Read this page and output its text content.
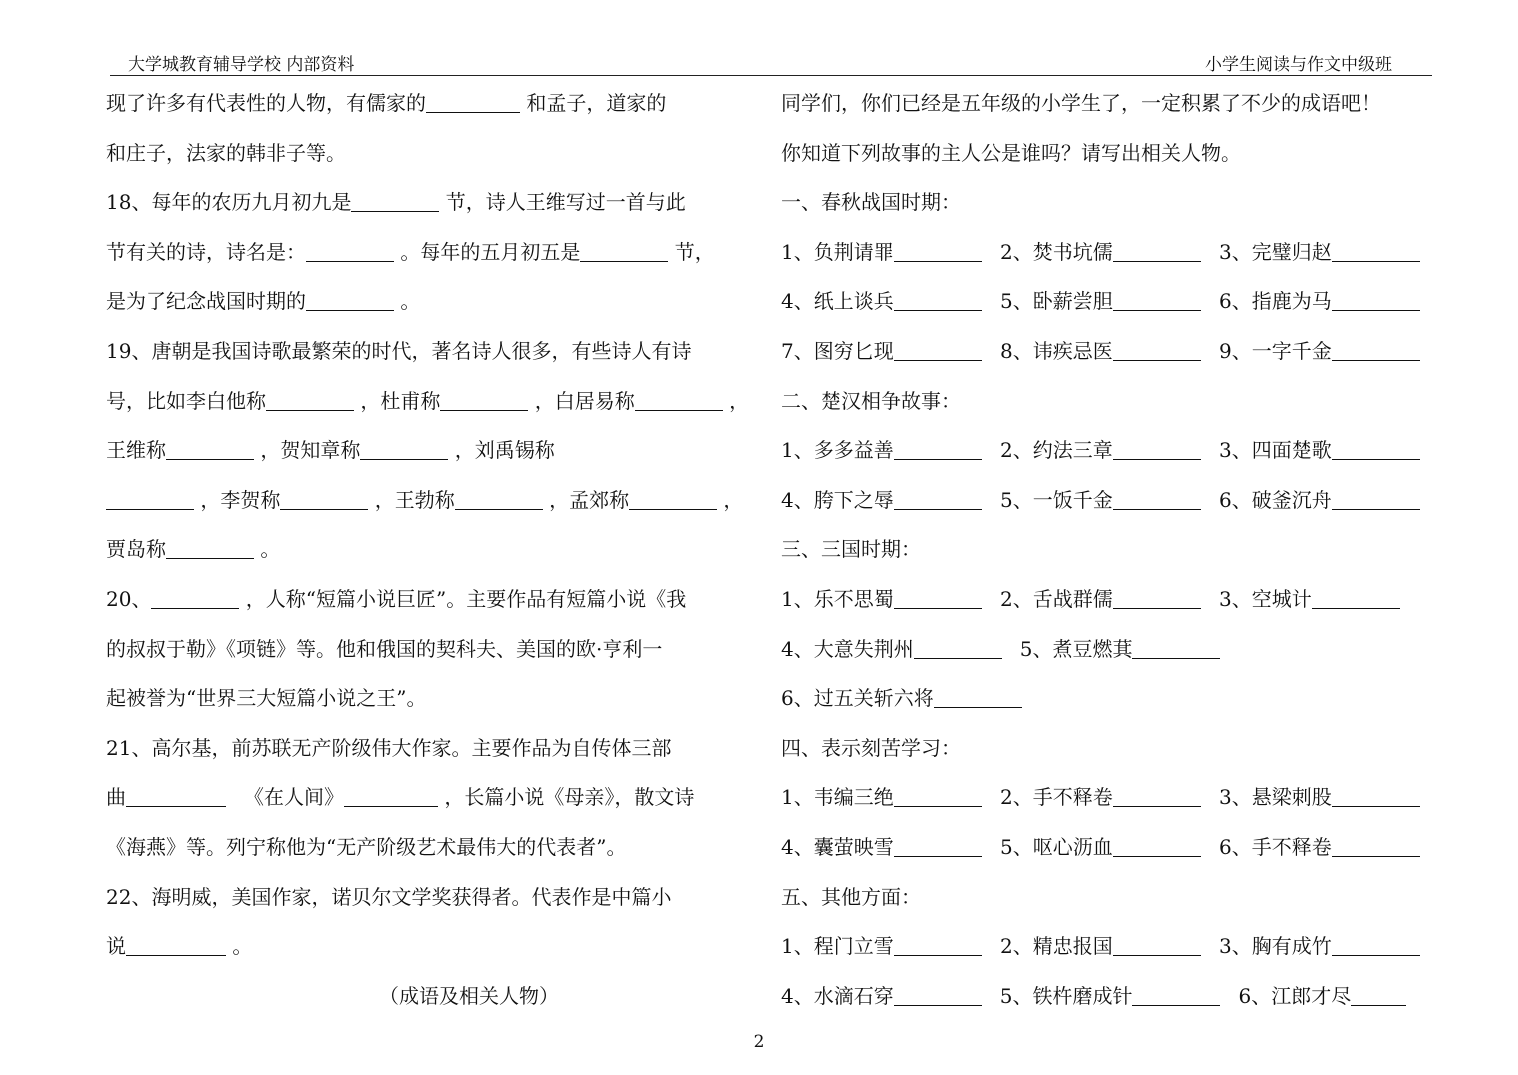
大学城教育辅导学校 内部资料	小学生阅读与作文中级班
现了许多有代表性的人物，有儒家的	和孟子，道家的
和庄子，法家的韩非子等。
18、每年的农历九月初九是	节，诗人王维写过一首与此
节有关的诗，诗名是：	。每年的五月初五是	节，
是为了纪念战国时期的	。
19、唐朝是我国诗歌最繁荣的时代，著名诗人很多，有些诗人有诗
号，比如李白他称	，杜甫称	，白居易称	，
王维称	，贺知章称	，刘禹锡称
，李贺称	，王勃称	，孟郊称	，
贾岛称	。
20、	，人称“短篇小说巨匠”。主要作品有短篇小说《我
的叔叔于勒》《项链》等。他和俄国的契科夫、美国的欧·亨利一
起被誉为“世界三大短篇小说之王”。
21、高尔基，前苏联无产阶级伟大作家。主要作品为自传体三部
曲	《在人间》	，长篇小说《母亲》，散文诗
《海燕》等。列宁称他为“无产阶级艺术最伟大的代表者”。
22、海明威，美国作家，诺贝尔文学奖获得者。代表作是中篇小
说	。
（成语及相关人物）
同学们，你们已经是五年级的小学生了，一定积累了不少的成语吧！
你知道下列故事的主人公是谁吗？请写出相关人物。
一、春秋战国时期：
1、负荆请罪	2、焚书坑儒	3、完璧归赵
4、纸上谈兵	5、卧薪尝胆	6、指鹿为马
7、图穷匕现	8、讳疾忌医	9、一字千金
二、楚汉相争故事：
1、多多益善	2、约法三章	3、四面楚歌
4、胯下之辱	5、一饭千金	6、破釜沉舟
三、三国时期：
1、乐不思蜀	2、舌战群儒	3、空城计
4、大意失荆州	5、煮豆燃萁
6、过五关斩六将
四、表示刻苦学习：
1、韦编三绝	2、手不释卷	3、悬梁刺股
4、囊萤映雪	5、呕心沥血	6、手不释卷
五、其他方面：
1、程门立雪	2、精忠报国	3、胸有成竹
4、水滴石穿	5、铁杵磨成针	6、江郎才尽
2
